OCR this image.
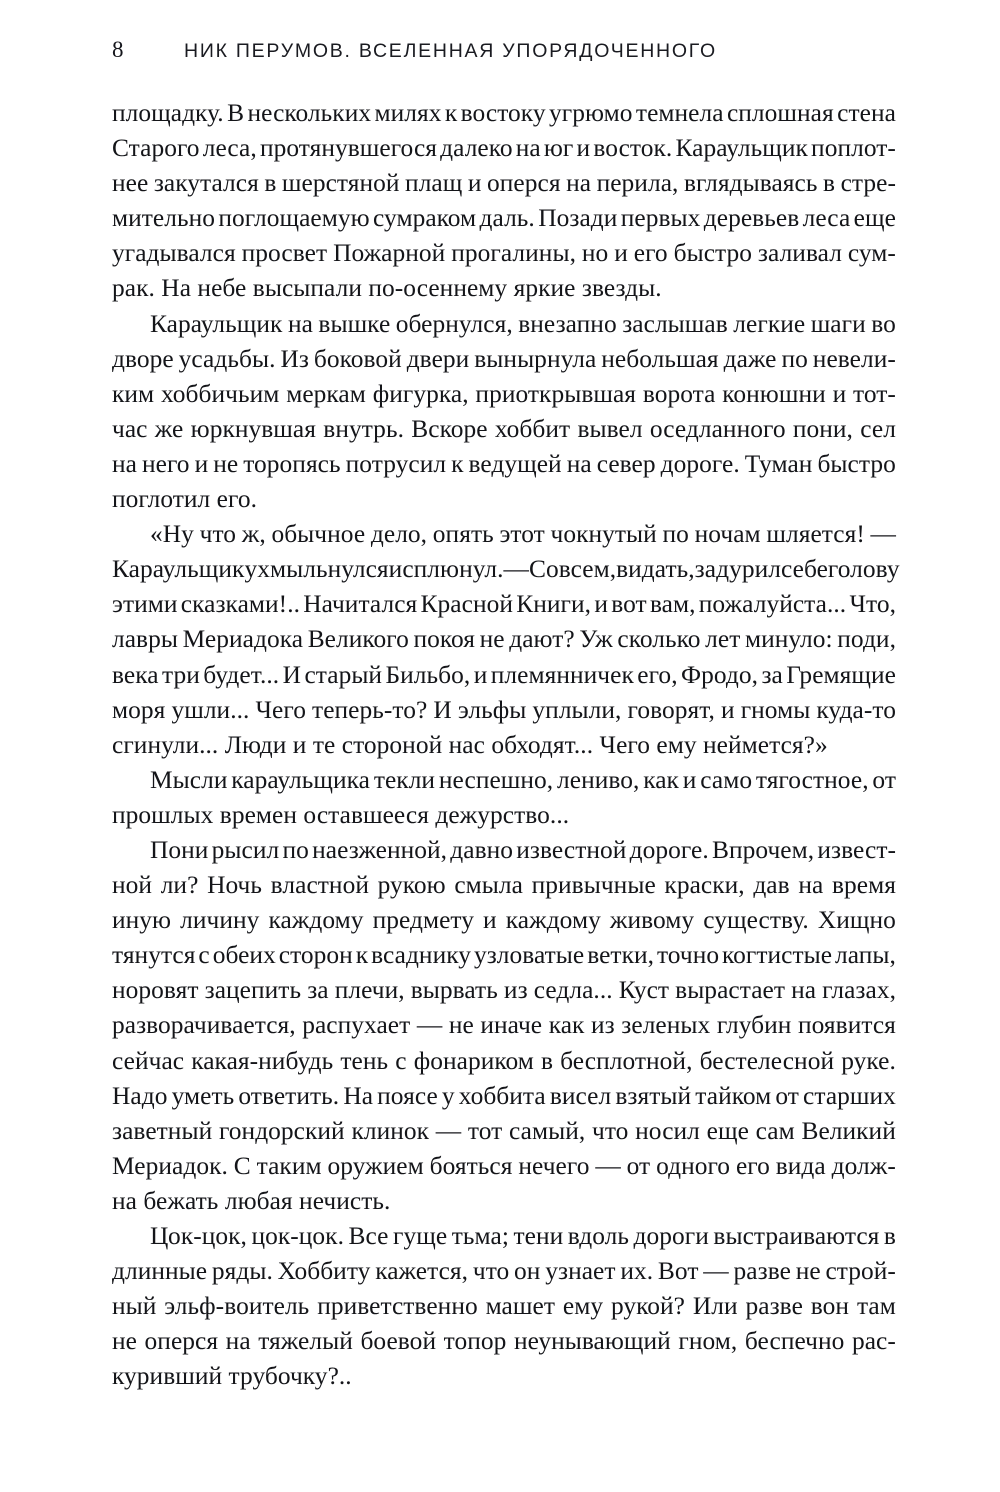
8	НИК ПЕРУМОВ. ВСЕЛЕННАЯ УПОРЯДОЧЕННОГО
площадку. В нескольких милях к востоку угрюмо темнела сплошная стена
Старого леса, протянувшегося далеко на юг и восток. Караульщик поплот-
нее закутался в шерстяной плащ и оперся на перила, вглядываясь в стре-
мительно поглощаемую сумраком даль. Позади первых деревьев леса еще
угадывался просвет Пожарной прогалины, но и его быстро заливал сум-
рак. На небе высыпали по-осеннему яркие звезды.
Караульщик на вышке обернулся, внезапно заслышав легкие шаги во
дворе усадьбы. Из боковой двери вынырнула небольшая даже по невели-
ким хоббичьим меркам фигурка, приоткрывшая ворота конюшни и тот-
час же юркнувшая внутрь. Вскоре хоббит вывел оседланного пони, сел
на него и не торопясь потрусил к ведущей на север дороге. Туман быстро
поглотил его.
«Ну что ж, обычное дело, опять этот чокнутый по ночам шляется! —
Караульщик ухмыльнулся и сплюнул. — Совсем, видать, задурил себе голову
этими сказками!.. Начитался Красной Книги, и вот вам, пожалуйста... Что,
лавры Мериадока Великого покоя не дают? Уж сколько лет минуло: поди,
века три будет... И старый Бильбо, и племянничек его, Фродо, за Гремящие
моря ушли... Чего теперь-то? И эльфы уплыли, говорят, и гномы куда-то
сгинули... Люди и те стороной нас обходят... Чего ему неймется?»
Мысли караульщика текли неспешно, лениво, как и само тягостное, от
прошлых времен оставшееся дежурство...
Пони рысил по наезженной, давно известной дороге. Впрочем, извест-
ной ли? Ночь властной рукою смыла привычные краски, дав на время
иную личину каждому предмету и каждому живому существу. Хищно
тянутся с обеих сторон к всаднику узловатые ветки, точно когтистые лапы,
норовят зацепить за плечи, вырвать из седла... Куст вырастает на глазах,
разворачивается, распухает — не иначе как из зеленых глубин появится
сейчас какая-нибудь тень с фонариком в бесплотной, бестелесной руке.
Надо уметь ответить. На поясе у хоббита висел взятый тайком от старших
заветный гондорский клинок — тот самый, что носил еще сам Великий
Мериадок. С таким оружием бояться нечего — от одного его вида долж-
на бежать любая нечисть.
Цок-цок, цок-цок. Все гуще тьма; тени вдоль дороги выстраиваются в
длинные ряды. Хоббиту кажется, что он узнает их. Вот — разве не строй-
ный эльф-воитель приветственно машет ему рукой? Или разве вон там
не оперся на тяжелый боевой топор неунывающий гном, беспечно рас-
куривший трубочку?..
